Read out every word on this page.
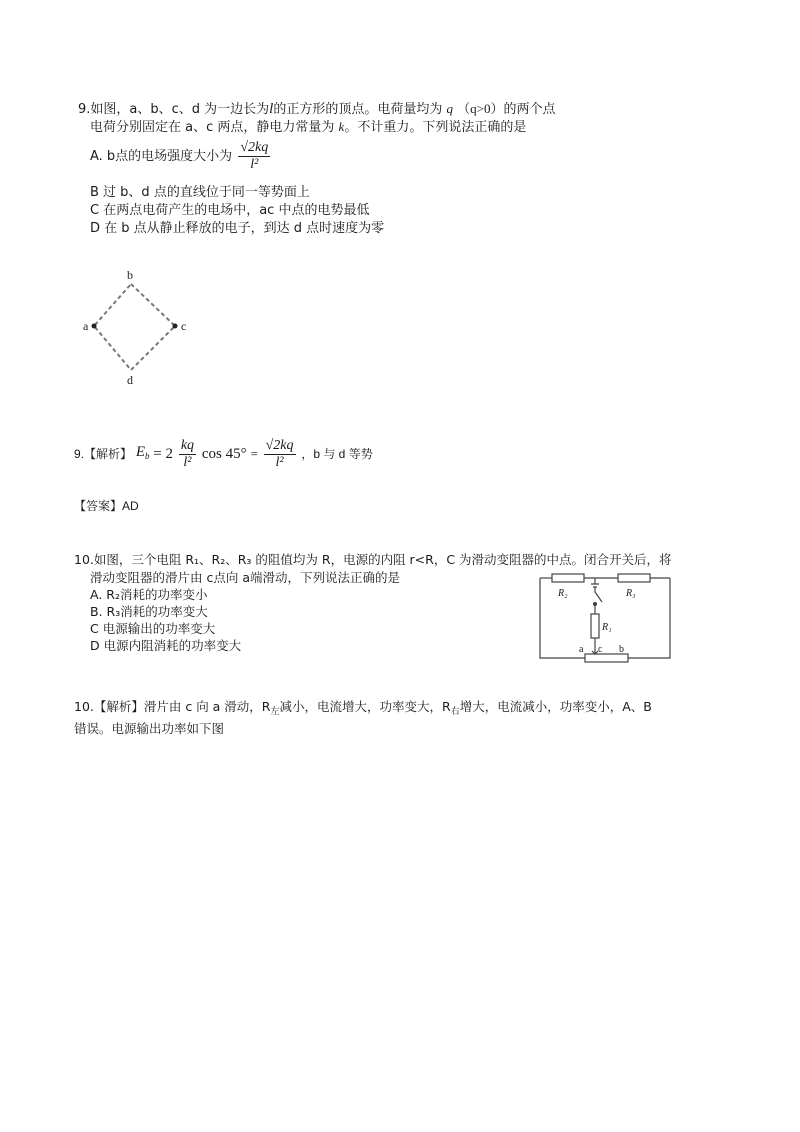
9.如图，a、b、c、d 为一边长为l的正方形的顶点。电荷量均为 q （q>0）的两个点
电荷分别固定在 a、c 两点，静电力常量为 k。不计重力。下列说法正确的是
A. b点的电场强度大小为 $\frac{√2kq}{\text{l²}}$
B 过 b、d 点的直线位于同一等势面上
C 在两点电荷产生的电场中，ac 中点的电势最低
D 在 b 点从静止释放的电子，到达 d 点时速度为零
b
a	c
d
9.【解析】 $E_b = 2 \frac{kq}{\text{l²}}$ $\cos 45^\circ = \frac{√2kq}{\text{l²}}$ ，b 与 d 等势
【答案】AD
10.如图，三个电阻 R₁、R₂、R₃ 的阻值均为 R，电源的内阻 r<R，C 为滑动变阻器的中点。闭合开关后，将
滑动变阻器的滑片由 c点向 a端滑动，下列说法正确的是
A. R₂消耗的功率变小
B. R₃消耗的功率变大
C 电源输出的功率变大
D 电源内阻消耗的功率变大
R₂	R₃
R₁
a c b
10.【解析】滑片由 c 向 a 滑动，$R_左$减小，电流增大，功率变大，$R_右$增大，电流减小，功率变小，A、B
错误。电源输出功率如下图
